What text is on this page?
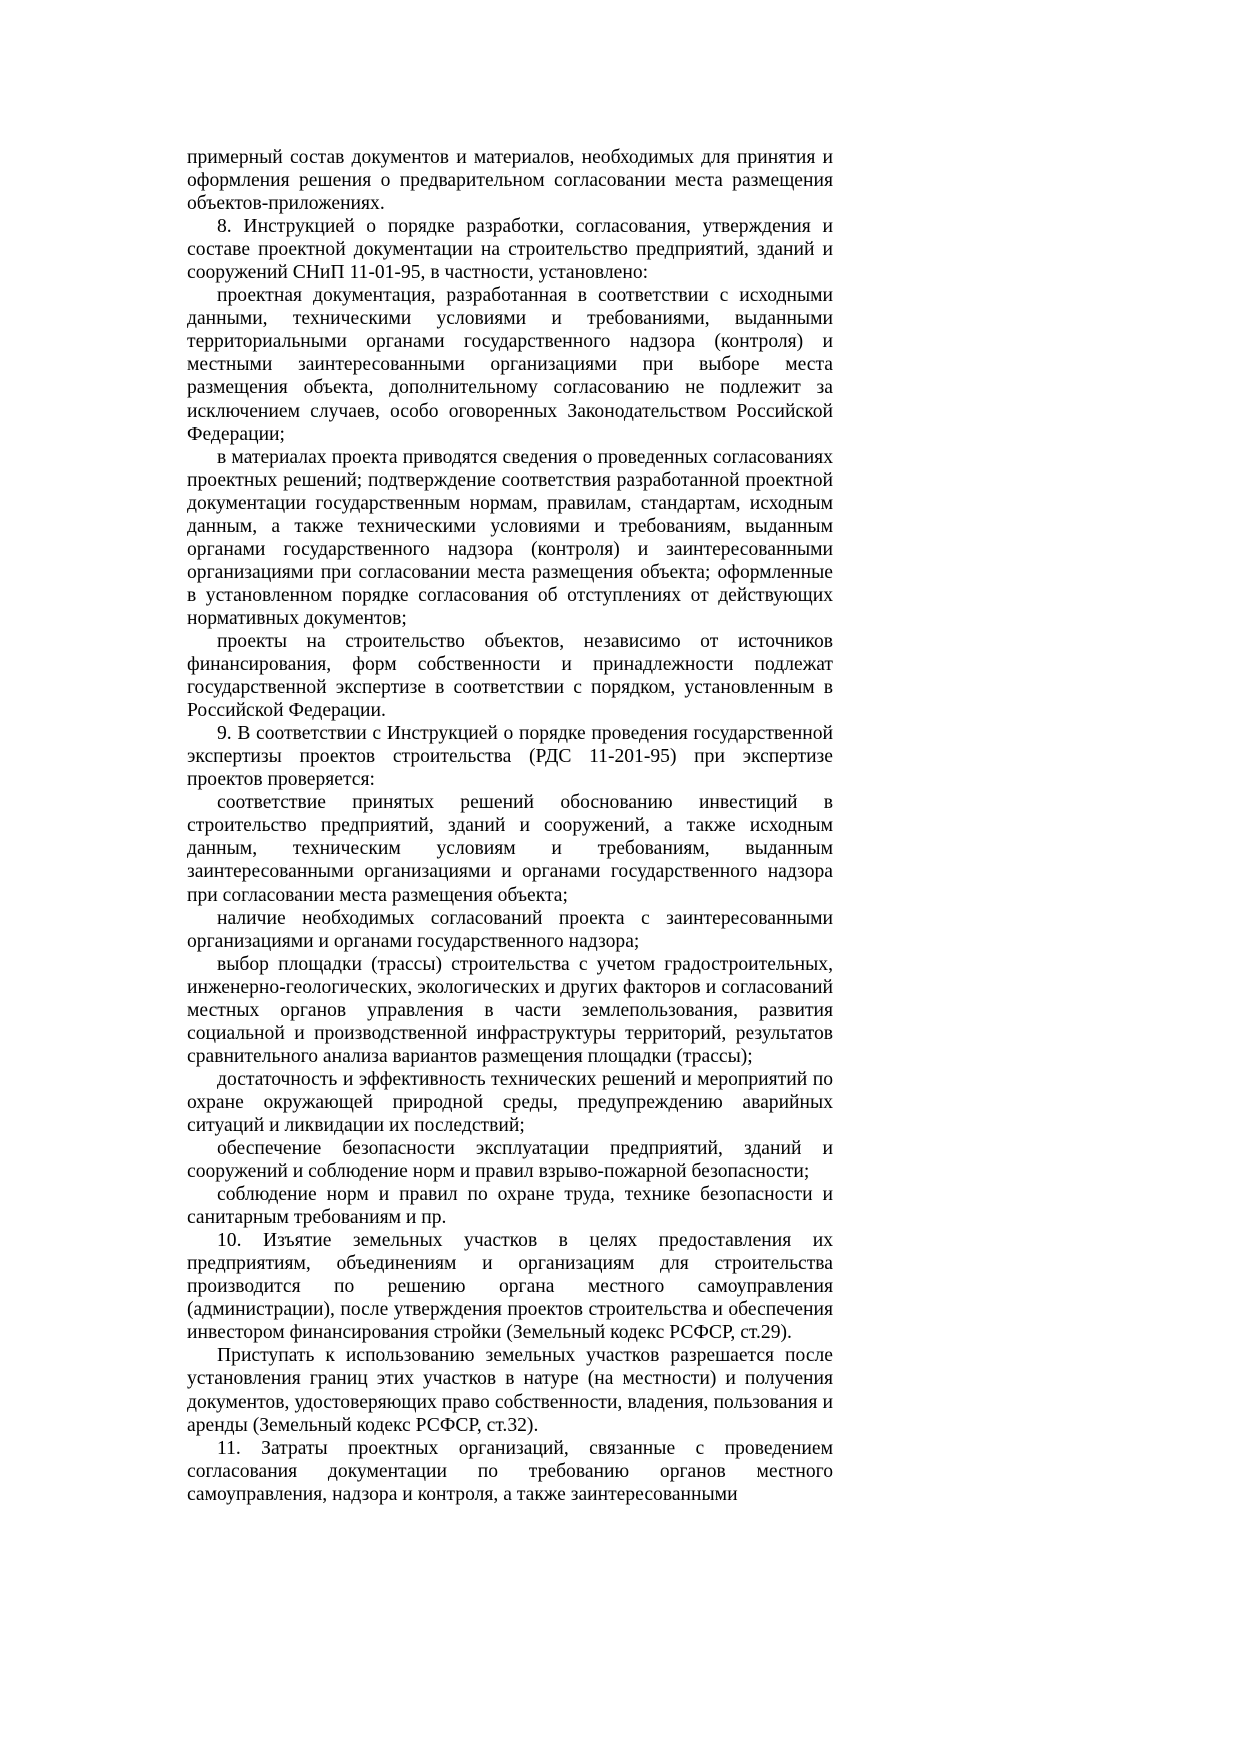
примерный состав документов и материалов, необходимых для принятия и оформления решения о предварительном согласовании места размещения объектов-приложениях.

8. Инструкцией о порядке разработки, согласования, утверждения и составе проектной документации на строительство предприятий, зданий и сооружений СНиП 11-01-95, в частности, установлено:

проектная документация, разработанная в соответствии с исходными данными, техническими условиями и требованиями, выданными территориальными органами государственного надзора (контроля) и местными заинтересованными организациями при выборе места размещения объекта, дополнительному согласованию не подлежит за исключением случаев, особо оговоренных Законодательством Российской Федерации;

в материалах проекта приводятся сведения о проведенных согласованиях проектных решений; подтверждение соответствия разработанной проектной документации государственным нормам, правилам, стандартам, исходным данным, а также техническими условиями и требованиям, выданным органами государственного надзора (контроля) и заинтересованными организациями при согласовании места размещения объекта; оформленные в установленном порядке согласования об отступлениях от действующих нормативных документов;

проекты на строительство объектов, независимо от источников финансирования, форм собственности и принадлежности подлежат государственной экспертизе в соответствии с порядком, установленным в Российской Федерации.

9. В соответствии с Инструкцией о порядке проведения государственной экспертизы проектов строительства (РДС 11-201-95) при экспертизе проектов проверяется:

соответствие принятых решений обоснованию инвестиций в строительство предприятий, зданий и сооружений, а также исходным данным, техническим условиям и требованиям, выданным заинтересованными организациями и органами государственного надзора при согласовании места размещения объекта;

наличие необходимых согласований проекта с заинтересованными организациями и органами государственного надзора;

выбор площадки (трассы) строительства с учетом градостроительных, инженерно-геологических, экологических и других факторов и согласований местных органов управления в части землепользования, развития социальной и производственной инфраструктуры территорий, результатов сравнительного анализа вариантов размещения площадки (трассы);

достаточность и эффективность технических решений и мероприятий по охране окружающей природной среды, предупреждению аварийных ситуаций и ликвидации их последствий;

обеспечение безопасности эксплуатации предприятий, зданий и сооружений и соблюдение норм и правил взрыво-пожарной безопасности;

соблюдение норм и правил по охране труда, технике безопасности и санитарным требованиям и пр.

10. Изъятие земельных участков в целях предоставления их предприятиям, объединениям и организациям для строительства производится по решению органа местного самоуправления (администрации), после утверждения проектов строительства и обеспечения инвестором финансирования стройки (Земельный кодекс РСФСР, ст.29).

Приступать к использованию земельных участков разрешается после установления границ этих участков в натуре (на местности) и получения документов, удостоверяющих право собственности, владения, пользования и аренды (Земельный кодекс РСФСР, ст.32).

11. Затраты проектных организаций, связанные с проведением согласования документации по требованию органов местного самоуправления, надзора и контроля, а также заинтересованными
